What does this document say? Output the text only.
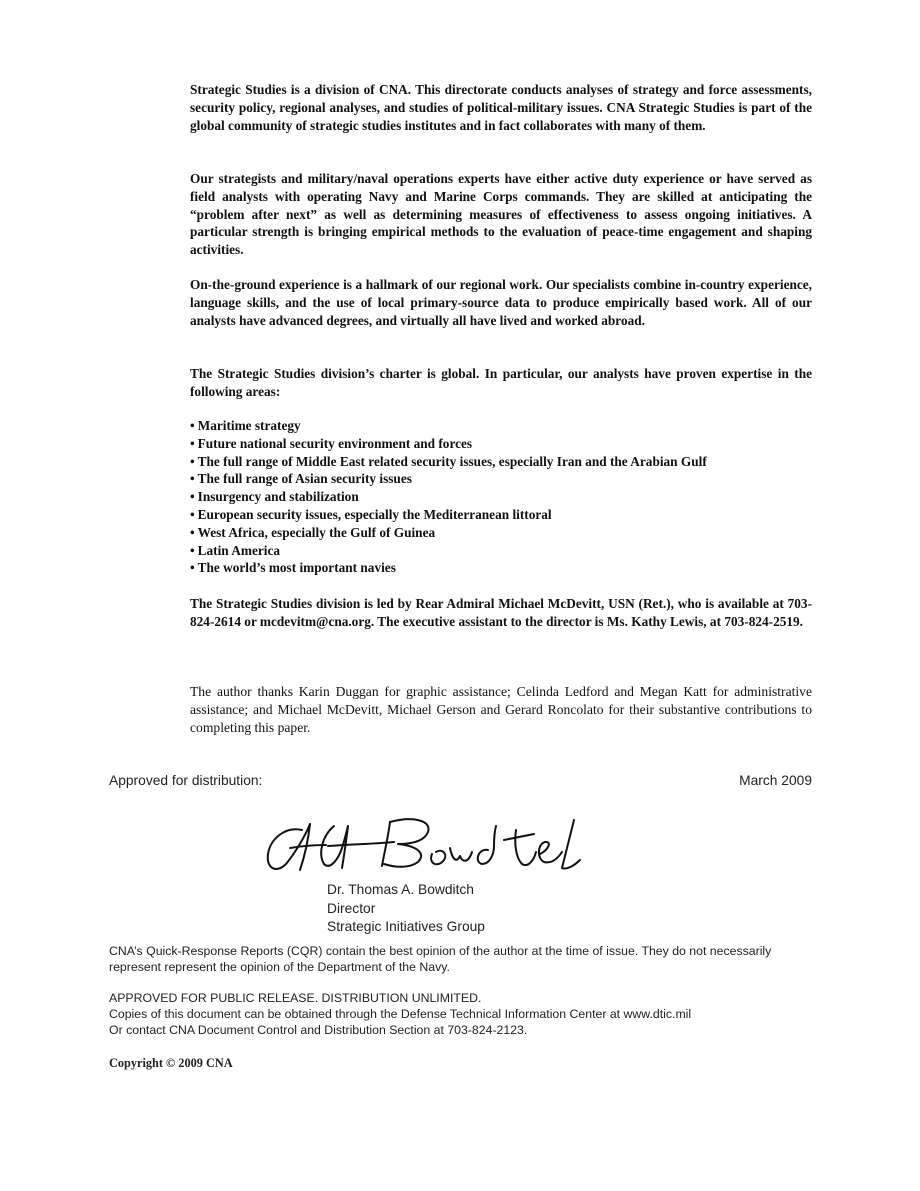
Strategic Studies is a division of CNA. This directorate conducts analyses of strategy and force assessments, security policy, regional analyses, and studies of political-military issues. CNA Strategic Studies is part of the global community of strategic studies institutes and in fact collaborates with many of them.

Our strategists and military/naval operations experts have either active duty experience or have served as field analysts with operating Navy and Marine Corps commands. They are skilled at anticipating the “problem after next” as well as determining measures of effectiveness to assess ongoing initiatives. A particular strength is bringing empirical methods to the evaluation of peace-time engagement and shaping activities.

On-the-ground experience is a hallmark of our regional work. Our specialists combine in-country experience, language skills, and the use of local primary-source data to produce empirically based work. All of our analysts have advanced degrees, and virtually all have lived and worked abroad.

The Strategic Studies division’s charter is global. In particular, our analysts have proven expertise in the following areas:

• Maritime strategy
• Future national security environment and forces
• The full range of Middle East related security issues, especially Iran and the Arabian Gulf
• The full range of Asian security issues
• Insurgency and stabilization
• European security issues, especially the Mediterranean littoral
• West Africa, especially the Gulf of Guinea
• Latin America
• The world’s most important navies

The Strategic Studies division is led by Rear Admiral Michael McDevitt, USN (Ret.), who is available at 703-824-2614 or mcdevitm@cna.org. The executive assistant to the director is Ms. Kathy Lewis, at 703-824-2519.

The author thanks Karin Duggan for graphic assistance; Celinda Ledford and Megan Katt for administrative assistance; and Michael McDevitt, Michael Gerson and Gerard Roncolato for their substantive contributions to completing this paper.

Approved for distribution:	March 2009
Bowditch
Dr. Thomas A. Bowditch
Director
Strategic Initiatives Group

CNA’s Quick-Response Reports (CQR) contain the best opinion of the author at the time of issue. They do not necessarily represent represent the opinion of the Department of the Navy.

APPROVED FOR PUBLIC RELEASE. DISTRIBUTION UNLIMITED.
Copies of this document can be obtained through the Defense Technical Information Center at www.dtic.mil
Or contact CNA Document Control and Distribution Section at 703-824-2123.

Copyright © 2009 CNA
